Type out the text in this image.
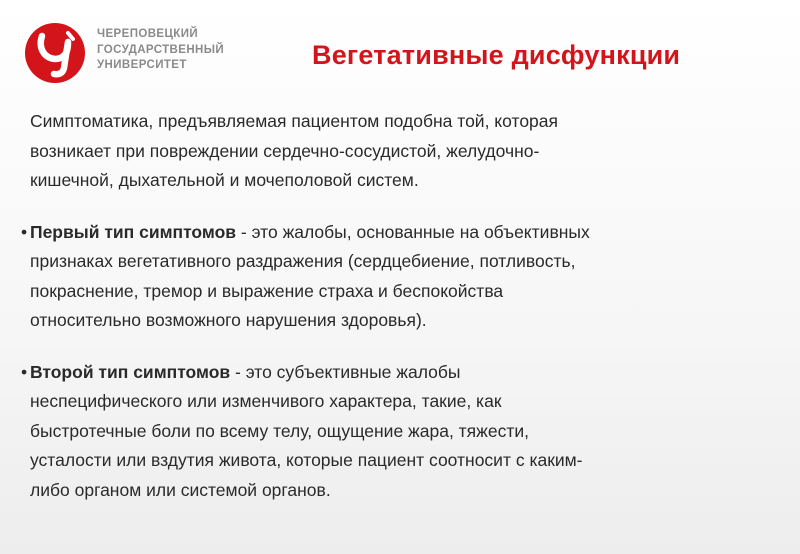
ЧЕРЕПОВЕЦКИЙ
ГОСУДАРСТВЕННЫЙ
УНИВЕРСИТЕТ	Вегетативные дисфункции
Симптоматика, предъявляемая пациентом подобна той, которая
возникает при повреждении сердечно-сосудистой, желудочно-
кишечной, дыхательной и мочеполовой систем.
• Первый тип симптомов - это жалобы, основанные на объективных
признаках вегетативного раздражения (сердцебиение, потливость,
покраснение, тремор и выражение страха и беспокойства
относительно возможного нарушения здоровья).
• Второй тип симптомов - это субъективные жалобы
неспецифического или изменчивого характера, такие, как
быстротечные боли по всему телу, ощущение жара, тяжести,
усталости или вздутия живота, которые пациент соотносит с каким-
либо органом или системой органов.
